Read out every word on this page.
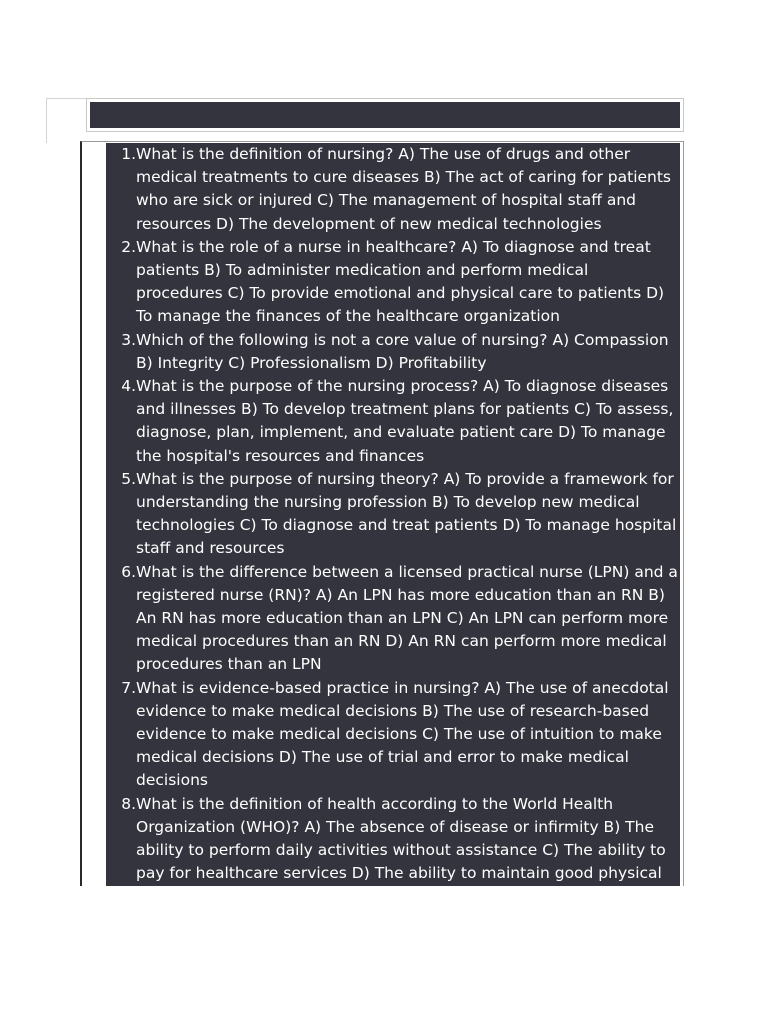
1. What is the definition of nursing? A) The use of drugs and other medical treatments to cure diseases B) The act of caring for patients who are sick or injured C) The management of hospital staff and resources D) The development of new medical technologies
2. What is the role of a nurse in healthcare? A) To diagnose and treat patients B) To administer medication and perform medical procedures C) To provide emotional and physical care to patients D) To manage the finances of the healthcare organization
3. Which of the following is not a core value of nursing? A) Compassion B) Integrity C) Professionalism D) Profitability
4. What is the purpose of the nursing process? A) To diagnose diseases and illnesses B) To develop treatment plans for patients C) To assess, diagnose, plan, implement, and evaluate patient care D) To manage the hospital's resources and finances
5. What is the purpose of nursing theory? A) To provide a framework for understanding the nursing profession B) To develop new medical technologies C) To diagnose and treat patients D) To manage hospital staff and resources
6. What is the difference between a licensed practical nurse (LPN) and a registered nurse (RN)? A) An LPN has more education than an RN B) An RN has more education than an LPN C) An LPN can perform more medical procedures than an RN D) An RN can perform more medical procedures than an LPN
7. What is evidence-based practice in nursing? A) The use of anecdotal evidence to make medical decisions B) The use of research-based evidence to make medical decisions C) The use of intuition to make medical decisions D) The use of trial and error to make medical decisions
8. What is the definition of health according to the World Health Organization (WHO)? A) The absence of disease or infirmity B) The ability to perform daily activities without assistance C) The ability to pay for healthcare services D) The ability to maintain good physical fitness
